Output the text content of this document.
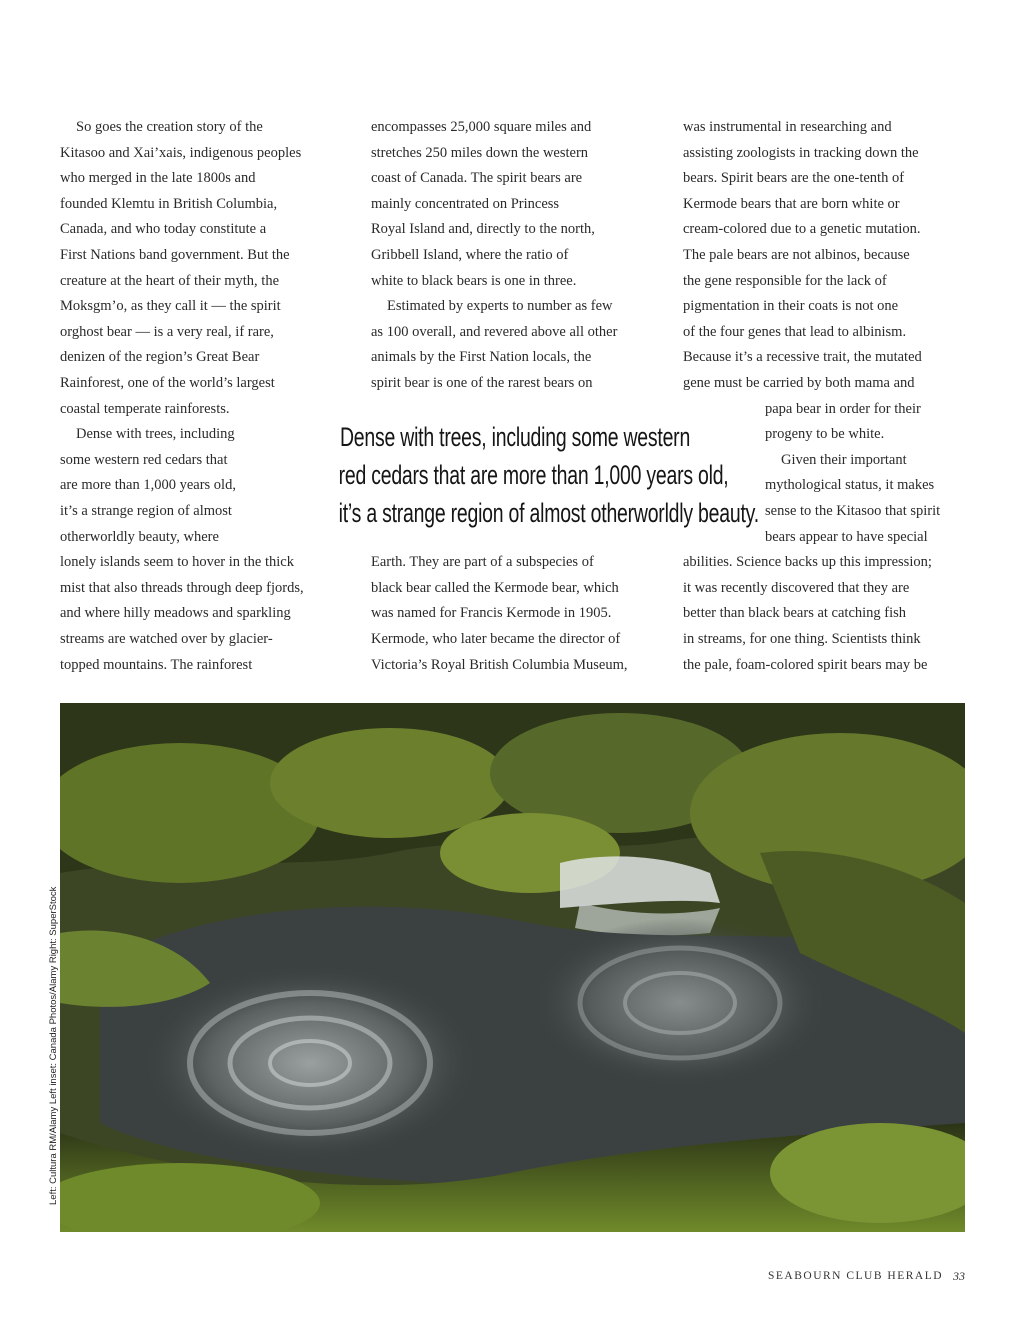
So goes the creation story of the
Kitasoo and Xai’xais, indigenous peoples
who merged in the late 1800s and
founded Klemtu in British Columbia,
Canada, and who today constitute a
First Nations band government. But the
creature at the heart of their myth, the
Moksgm’o, as they call it — the spirit
orghost bear — is a very real, if rare,
denizen of the region’s Great Bear
Rainforest, one of the world’s largest
coastal temperate rainforests.
Dense with trees, including
some western red cedars that
are more than 1,000 years old,
it’s a strange region of almost
otherworldly beauty, where
lonely islands seem to hover in the thick
mist that also threads through deep fjords,
and where hilly meadows and sparkling
streams are watched over by glacier-
topped mountains. The rainforest
encompasses 25,000 square miles and
stretches 250 miles down the western
coast of Canada. The spirit bears are
mainly concentrated on Princess
Royal Island and, directly to the north,
Gribbell Island, where the ratio of
white to black bears is one in three.
Estimated by experts to number as few
as 100 overall, and revered above all other
animals by the First Nation locals, the
spirit bear is one of the rarest bears on
Earth. They are part of a subspecies of
black bear called the Kermode bear, which
was named for Francis Kermode in 1905.
Kermode, who later became the director of
Victoria’s Royal British Columbia Museum,
was instrumental in researching and
assisting zoologists in tracking down the
bears. Spirit bears are the one-tenth of
Kermode bears that are born white or
cream-colored due to a genetic mutation.
The pale bears are not albinos, because
the gene responsible for the lack of
pigmentation in their coats is not one
of the four genes that lead to albinism.
Because it’s a recessive trait, the mutated
gene must be carried by both mama and
papa bear in order for their
progeny to be white.
Given their important
mythological status, it makes
sense to the Kitasoo that spirit
bears appear to have special
abilities. Science backs up this impression;
it was recently discovered that they are
better than black bears at catching fish
in streams, for one thing. Scientists think
the pale, foam-colored spirit bears may be
Dense with trees, including some western
red cedars that are more than 1,000 years old,
it’s a strange region of almost otherworldly beauty.
Left: Cultura RM/Alamy Left inset: Canada Photos/Alamy Right: SuperStock
SEABOURN CLUB HERALD 33
